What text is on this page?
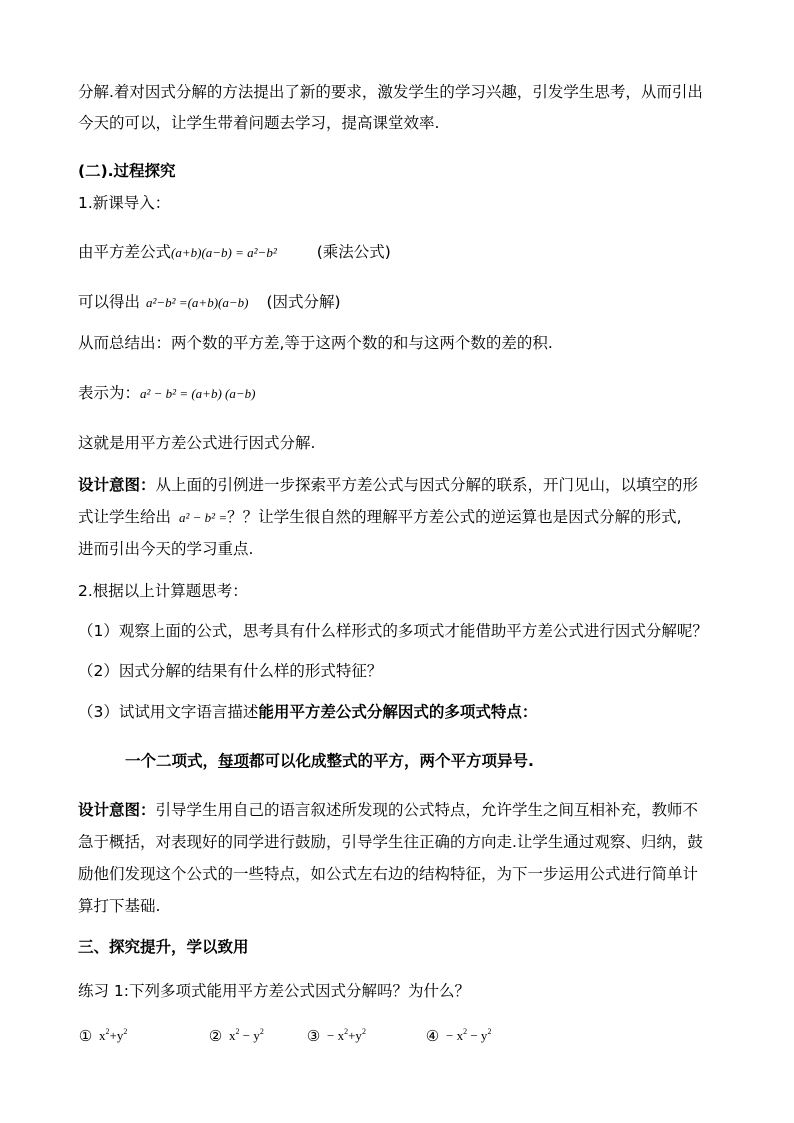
分解.着对因式分解的方法提出了新的要求，激发学生的学习兴趣，引发学生思考，从而引出
今天的可以，让学生带着问题去学习，提高课堂效率.
(二).过程探究
1.新课导入：
由平方差公式(a+b)(a−b) = a²−b²	(乘法公式)
可以得出 a²−b² =(a+b)(a−b) (因式分解)
从而总结出：两个数的平方差,等于这两个数的和与这两个数的差的积.
表示为：a² − b² = (a+b) (a−b)
这就是用平方差公式进行因式分解.
设计意图：从上面的引例进一步探索平方差公式与因式分解的联系，开门见山，以填空的形
式让学生给出 a² − b² =？？让学生很自然的理解平方差公式的逆运算也是因式分解的形式,
进而引出今天的学习重点.
2.根据以上计算题思考：
（1）观察上面的公式，思考具有什么样形式的多项式才能借助平方差公式进行因式分解呢？
（2）因式分解的结果有什么样的形式特征？
（3）试试用文字语言描述能用平方差公式分解因式的多项式特点：
一个二项式，每项都可以化成整式的平方，两个平方项异号.
设计意图：引导学生用自己的语言叙述所发现的公式特点，允许学生之间互相补充，教师不
急于概括，对表现好的同学进行鼓励，引导学生往正确的方向走.让学生通过观察、归纳，鼓
励他们发现这个公式的一些特点，如公式左右边的结构特征，为下一步运用公式进行简单计
算打下基础.
三、探究提升，学以致用
练习 1:下列多项式能用平方差公式因式分解吗？为什么？
① $x^2+y^2$	② $x^2 - y^2$	③ − $x^2+y^2$	④ − $x^2 - y^2$
